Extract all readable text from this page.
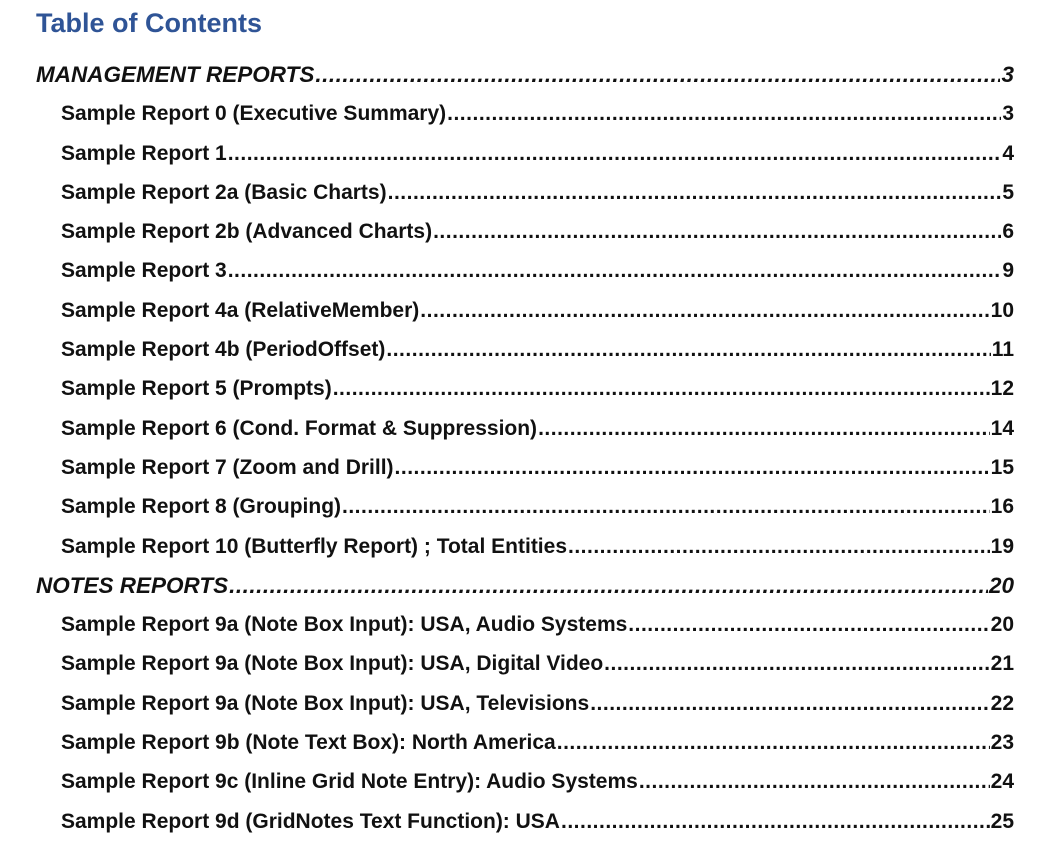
Table of Contents
MANAGEMENT REPORTS .....	3
Sample Report 0 (Executive Summary) .....	3
Sample Report 1 .....	4
Sample Report 2a (Basic Charts) .....	5
Sample Report 2b (Advanced Charts) .....	6
Sample Report 3 .....	9
Sample Report 4a (RelativeMember) .....	10
Sample Report 4b (PeriodOffset) .....	11
Sample Report 5 (Prompts) .....	12
Sample Report 6 (Cond. Format & Suppression) .....	14
Sample Report 7 (Zoom and Drill) .....	15
Sample Report 8 (Grouping) .....	16
Sample Report 10 (Butterfly Report) ; Total Entities .....	19
NOTES REPORTS .....	20
Sample Report 9a (Note Box Input): USA, Audio Systems .....	20
Sample Report 9a (Note Box Input): USA, Digital Video .....	21
Sample Report 9a (Note Box Input): USA, Televisions .....	22
Sample Report 9b (Note Text Box): North America .....	23
Sample Report 9c (Inline Grid Note Entry): Audio Systems .....	24
Sample Report 9d (GridNotes Text Function): USA .....	25
